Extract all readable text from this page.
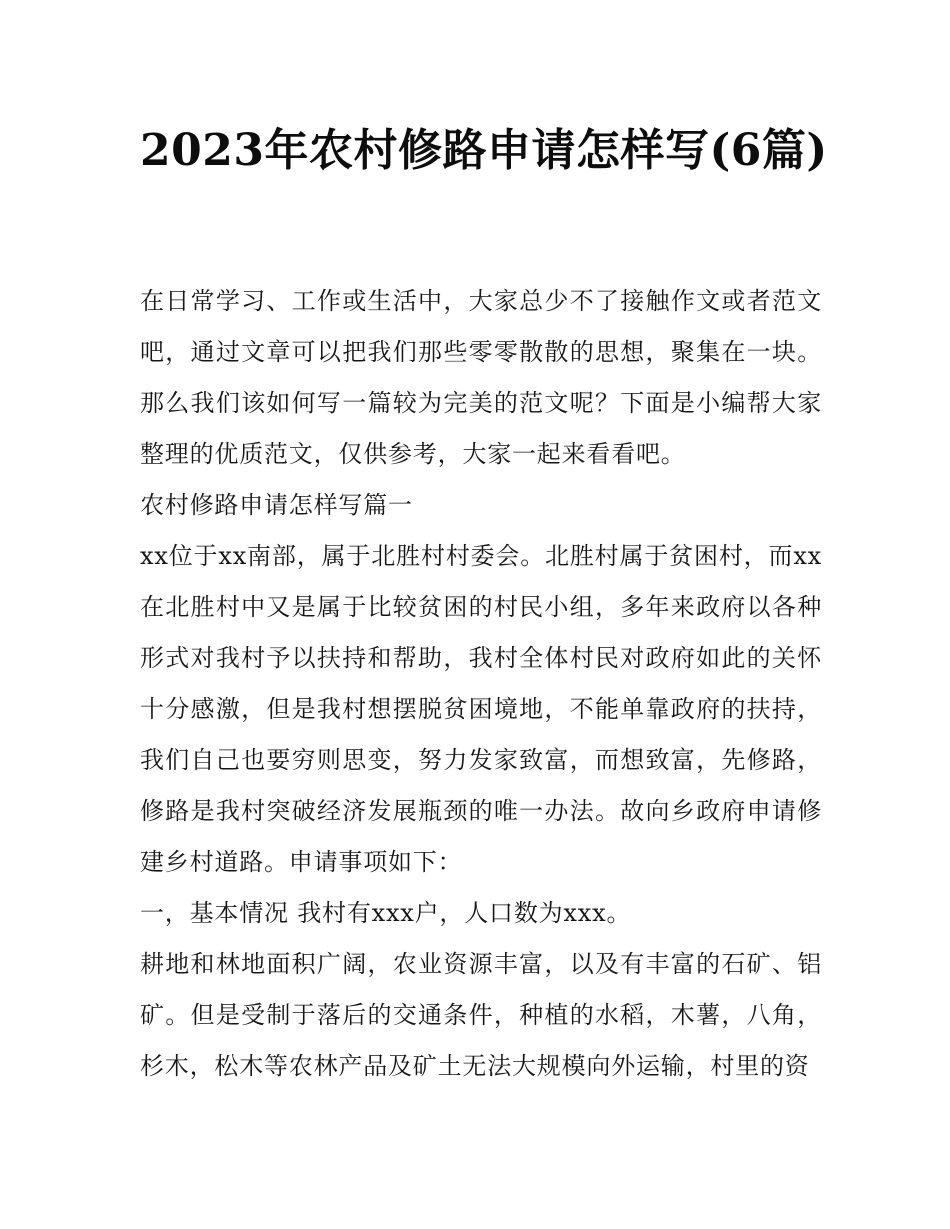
2023年农村修路申请怎样写(6篇)

在日常学习、工作或生活中，大家总少不了接触作文或者范文吧，通过文章可以把我们那些零零散散的思想，聚集在一块。那么我们该如何写一篇较为完美的范文呢？下面是小编帮大家整理的优质范文，仅供参考，大家一起来看看吧。

农村修路申请怎样写篇一

xx位于xx南部，属于北胜村村委会。北胜村属于贫困村，而xx在北胜村中又是属于比较贫困的村民小组，多年来政府以各种形式对我村予以扶持和帮助，我村全体村民对政府如此的关怀十分感激，但是我村想摆脱贫困境地，不能单靠政府的扶持，我们自己也要穷则思变，努力发家致富，而想致富，先修路，修路是我村突破经济发展瓶颈的唯一办法。故向乡政府申请修建乡村道路。申请事项如下：

一，基本情况 我村有xxx户，人口数为xxx。

耕地和林地面积广阔，农业资源丰富，以及有丰富的石矿、铝矿。但是受制于落后的交通条件，种植的水稻，木薯，八角，杉木，松木等农林产品及矿土无法大规模向外运输，村里的资
